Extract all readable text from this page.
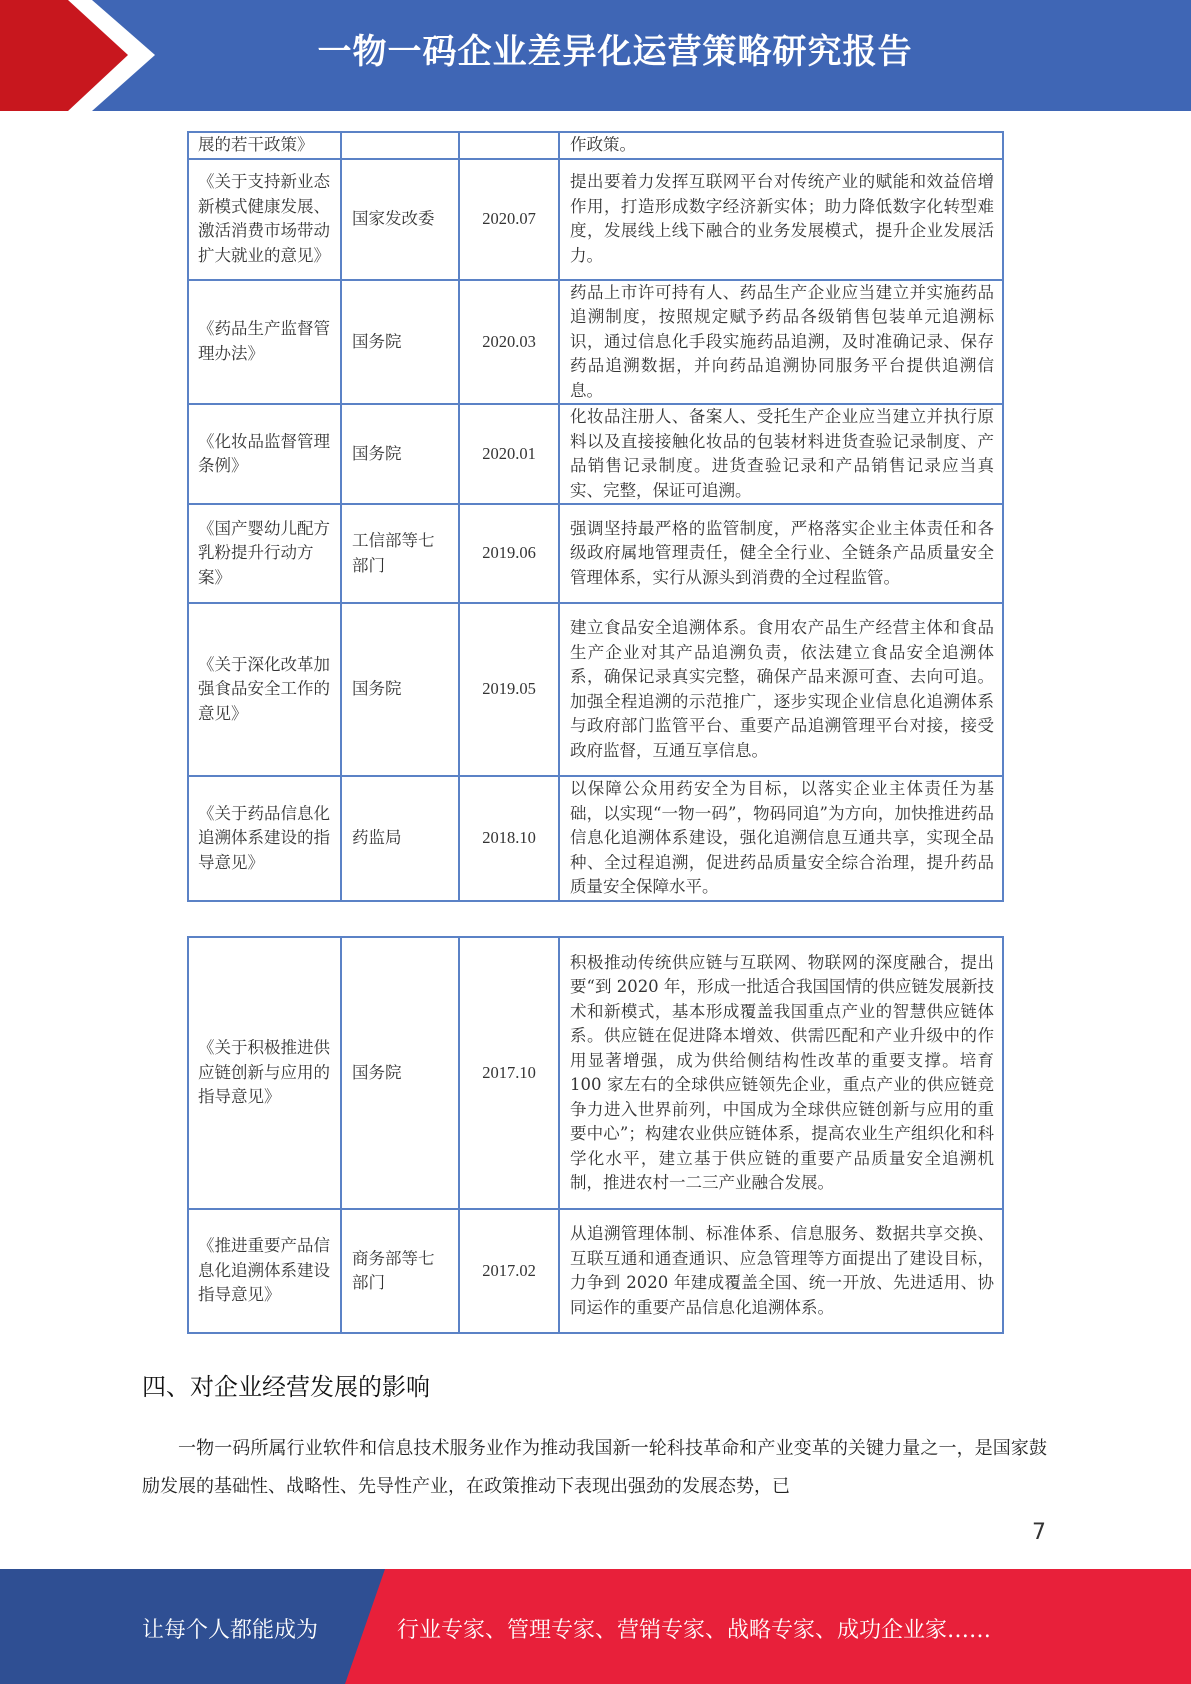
一物一码企业差异化运营策略研究报告
展的若干政策》			作政策。
《关于支持新业态新模式健康发展、激活消费市场带动扩大就业的意见》	国家发改委	2020.07	提出要着力发挥互联网平台对传统产业的赋能和效益倍增作用，打造形成数字经济新实体；助力降低数字化转型难度，发展线上线下融合的业务发展模式，提升企业发展活力。
《药品生产监督管理办法》	国务院	2020.03	药品上市许可持有人、药品生产企业应当建立并实施药品追溯制度，按照规定赋予药品各级销售包装单元追溯标识，通过信息化手段实施药品追溯，及时准确记录、保存药品追溯数据，并向药品追溯协同服务平台提供追溯信息。
《化妆品监督管理条例》	国务院	2020.01	化妆品注册人、备案人、受托生产企业应当建立并执行原料以及直接接触化妆品的包装材料进货查验记录制度、产品销售记录制度。进货查验记录和产品销售记录应当真实、完整，保证可追溯。
《国产婴幼儿配方乳粉提升行动方案》	工信部等七部门	2019.06	强调坚持最严格的监管制度，严格落实企业主体责任和各级政府属地管理责任，健全全行业、全链条产品质量安全管理体系，实行从源头到消费的全过程监管。
《关于深化改革加强食品安全工作的意见》	国务院	2019.05	建立食品安全追溯体系。食用农产品生产经营主体和食品生产企业对其产品追溯负责，依法建立食品安全追溯体系，确保记录真实完整，确保产品来源可查、去向可追。加强全程追溯的示范推广，逐步实现企业信息化追溯体系与政府部门监管平台、重要产品追溯管理平台对接，接受政府监督，互通互享信息。
《关于药品信息化追溯体系建设的指导意见》	药监局	2018.10	以保障公众用药安全为目标，以落实企业主体责任为基础，以实现“一物一码”，物码同追”为方向，加快推进药品信息化追溯体系建设，强化追溯信息互通共享，实现全品种、全过程追溯，促进药品质量安全综合治理，提升药品质量安全保障水平。
《关于积极推进供应链创新与应用的指导意见》	国务院	2017.10	积极推动传统供应链与互联网、物联网的深度融合，提出要“到 2020 年，形成一批适合我国国情的供应链发展新技术和新模式，基本形成覆盖我国重点产业的智慧供应链体系。供应链在促进降本增效、供需匹配和产业升级中的作用显著增强，成为供给侧结构性改革的重要支撑。培育 100 家左右的全球供应链领先企业，重点产业的供应链竞争力进入世界前列，中国成为全球供应链创新与应用的重要中心”；构建农业供应链体系，提高农业生产组织化和科学化水平，建立基于供应链的重要产品质量安全追溯机制，推进农村一二三产业融合发展。
《推进重要产品信息化追溯体系建设指导意见》	商务部等七部门	2017.02	从追溯管理体制、标准体系、信息服务、数据共享交换、互联互通和通查通识、应急管理等方面提出了建设目标，力争到 2020 年建成覆盖全国、统一开放、先进适用、协同运作的重要产品信息化追溯体系。
四、对企业经营发展的影响
一物一码所属行业软件和信息技术服务业作为推动我国新一轮科技革命和产业变革的关键力量之一，是国家鼓励发展的基础性、战略性、先导性产业，在政策推动下表现出强劲的发展态势，已
7
让每个人都能成为	行业专家、管理专家、营销专家、战略专家、成功企业家……
